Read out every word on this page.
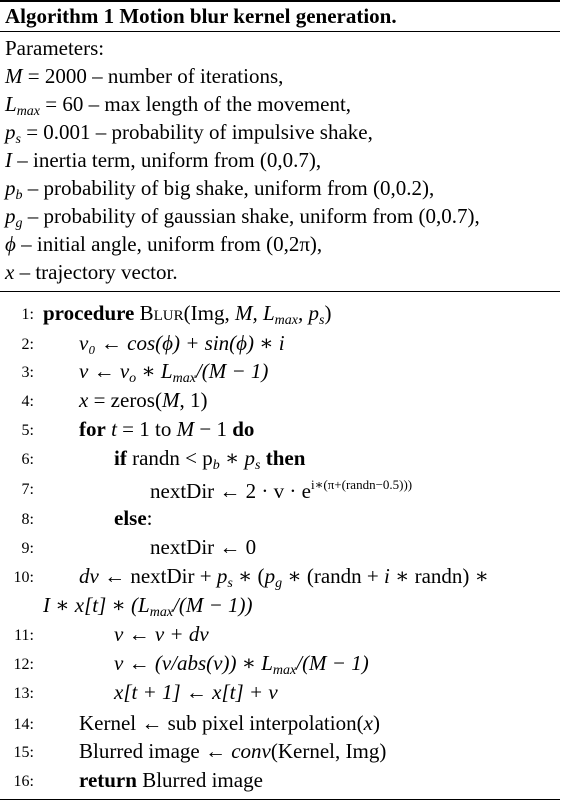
Algorithm 1 Motion blur kernel generation.
Parameters:
M = 2000 – number of iterations,
$L_{max} = 60 - \max$ length of the movement,
$p_s = 0.001$ – probability of impulsive shake,
I – inertia term, uniform from (0,0.7),
$p_b$ – probability of big shake, uniform from (0,0.2),
$p_g$ – probability of gaussian shake, uniform from (0,0.7),
ϕ – initial angle, uniform from (0,2π),
x – trajectory vector.
1:
2:
3:
4:
5:
6:
7:
8:
9:
10:
11:
12:
13:
14:
15:
16:
procedure Blur(Img, M, $L_{max}$, $p_s$)
v₀ ← cos(ϕ) + sin(ϕ) ∗ i
v ← $v_o$ ∗ $L_{max}/(M - 1)$
x = zeros(M, 1)
for t = 1 to M − 1 do
if randn < $p_b$ ∗ $p_s$ then
nextDir ← $2 \cdot v \cdot e^{i∗(\pi+(randn-0.5)))}$
else:
nextDir ← 0
dv ← nextDir + $p_s$ ∗ ($p_g$ ∗ (randn + i ∗ randn) ∗
I ∗ x[t] ∗ $(L_{max}/(M - 1))$
v ← v + dv
v ← (v/abs(v)) ∗ $L_{max}/(M - 1)$
x[t + 1] ← x[t] + v
Kernel ← sub pixel interpolation(x)
Blurred image ← conv(Kernel, Img)
return Blurred image
